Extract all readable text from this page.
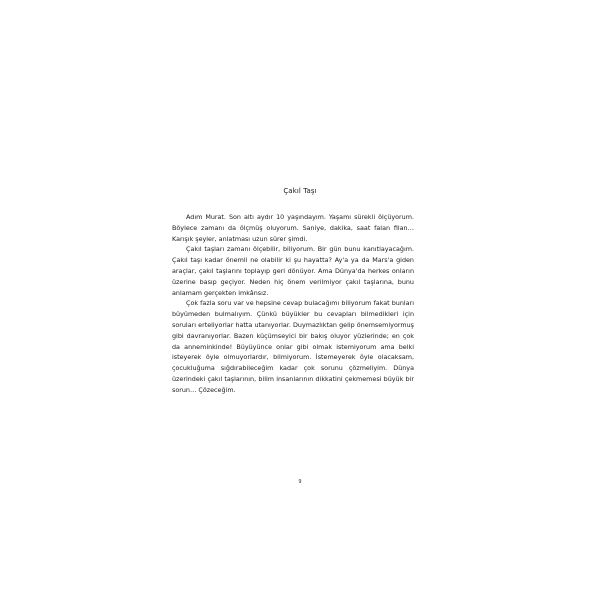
Çakıl Taşı

Adım Murat. Son altı aydır 10 yaşındayım. Yaşamı sürekli ölçüyorum. Böylece zamanı da ölçmüş oluyorum. Saniye, dakika, saat falan filan… Karışık şeyler, anlatması uzun sürer şimdi.

Çakıl taşları zamanı ölçebilir, biliyorum. Bir gün bunu kanıtlayacağım. Çakıl taşı kadar önemli ne olabilir ki şu hayatta? Ay'a ya da Mars'a giden araçlar, çakıl taşlarını toplayıp geri dönüyor. Ama Dünya'da herkes onların üzerine basıp geçiyor. Neden hiç önem verilmiyor çakıl taşlarına, bunu anlamam gerçekten imkânsız.

Çok fazla soru var ve hepsine cevap bulacağımı biliyorum fakat bunları büyümeden bulmalıyım. Çünkü büyükler bu cevapları bilmedikleri için soruları erteliyorlar hatta utanıyorlar. Duymazlıktan gelip önemsemiyormuş gibi davranıyorlar. Bazen küçümseyici bir bakış oluyor yüzlerinde; en çok da anneminkinde! Büyüyünce onlar gibi olmak istemiyorum ama belki isteyerek öyle olmuyorlardır, bilmiyorum. İstemeyerek öyle olacaksam, çocukluğuma sığdırabileceğim kadar çok sorunu çözmeliyim. Dünya üzerindeki çakıl taşlarının, bilim insanlarının dikkatini çekmemesi büyük bir sorun… Çözeceğim.

9
